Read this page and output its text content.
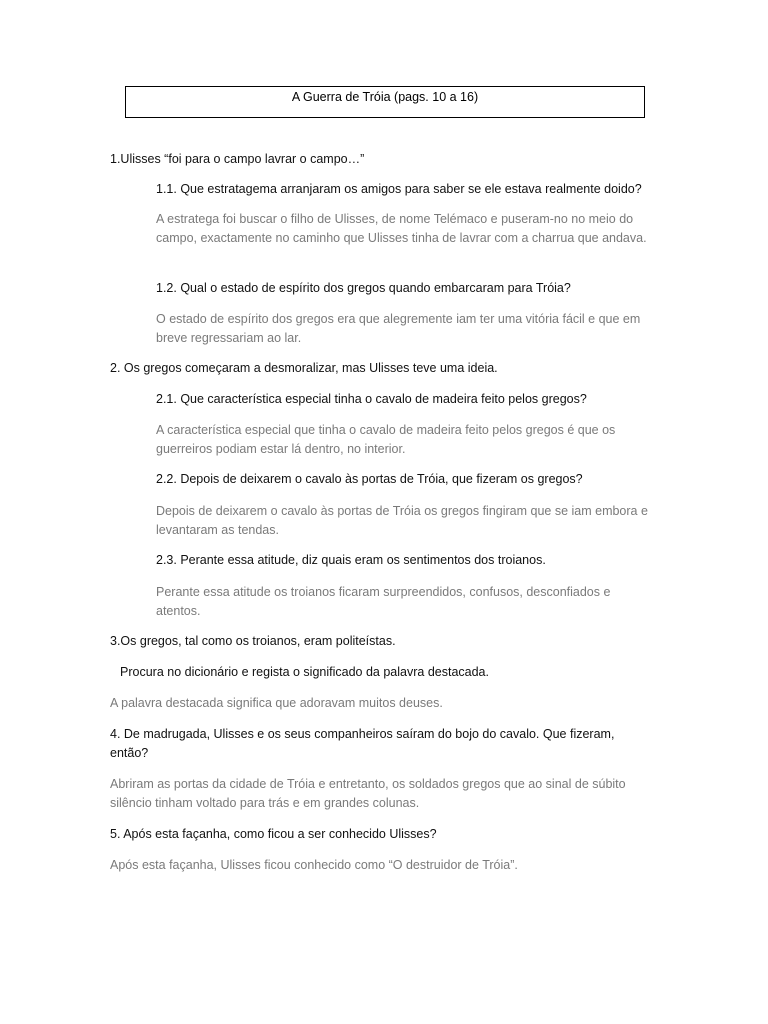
A Guerra de Tróia (pags. 10 a 16)
1.Ulisses “foi para o campo lavrar o campo…”
1.1. Que estratagema arranjaram os amigos para saber se ele estava realmente doido?
A estratega foi buscar o filho de Ulisses, de nome Telémaco e puseram-no no meio do campo, exactamente no caminho que Ulisses tinha de lavrar com a charrua que andava.
1.2. Qual o estado de espírito dos gregos quando embarcaram para Tróia?
O estado de espírito dos gregos era que alegremente iam ter uma vitória fácil e que em breve regressariam ao lar.
2. Os gregos começaram a desmoralizar, mas Ulisses teve uma ideia.
2.1. Que característica especial tinha o cavalo de madeira feito pelos gregos?
A característica especial que tinha o cavalo de madeira feito pelos gregos é que os guerreiros podiam estar lá dentro, no interior.
2.2. Depois de deixarem o cavalo às portas de Tróia, que fizeram os gregos?
Depois de deixarem o cavalo às portas de Tróia os gregos fingiram que se iam embora e levantaram as tendas.
2.3. Perante essa atitude, diz quais eram os sentimentos dos troianos.
Perante essa atitude os troianos ficaram surpreendidos, confusos, desconfiados e atentos.
3.Os gregos, tal como os troianos, eram politeístas.
Procura no dicionário e regista o significado da palavra destacada.
A palavra destacada significa que adoravam muitos deuses.
4. De madrugada, Ulisses e os seus companheiros saíram do bojo do cavalo. Que fizeram, então?
Abriram as portas da cidade de Tróia e entretanto, os soldados gregos que ao sinal de súbito silêncio tinham voltado para trás e em grandes colunas.
5. Após esta façanha, como ficou a ser conhecido Ulisses?
Após esta façanha, Ulisses ficou conhecido como “O destruidor de Tróia”.
